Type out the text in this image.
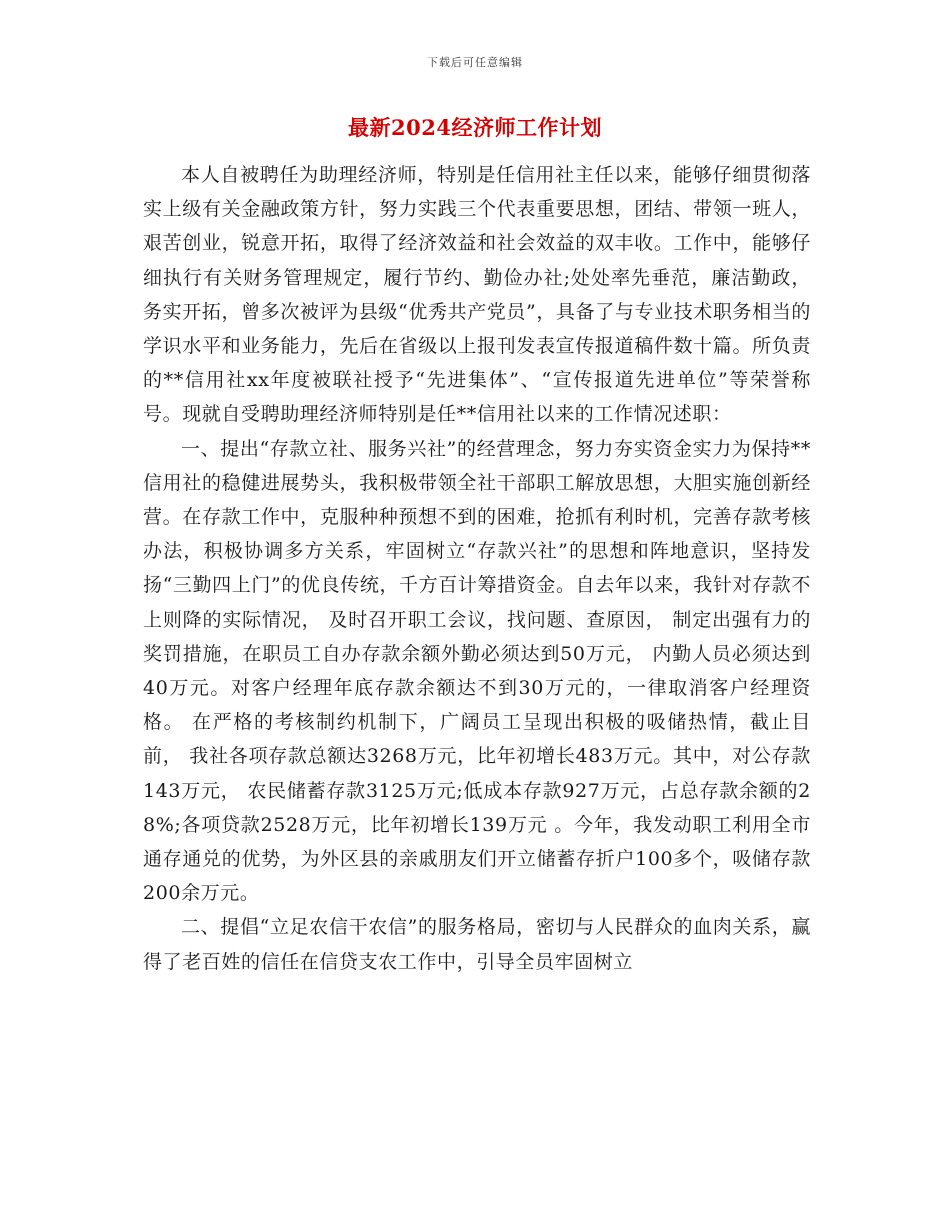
下载后可任意编辑
最新2024经济师工作计划

本人自被聘任为助理经济师，特别是任信用社主任以来，能够仔细贯彻落实上级有关金融政策方针，努力实践三个代表重要思想，团结、带领一班人，艰苦创业，锐意开拓，取得了经济效益和社会效益的双丰收。工作中，能够仔细执行有关财务管理规定，履行节约、勤俭办社;处处率先垂范，廉洁勤政，务实开拓，曾多次被评为县级“优秀共产党员”，具备了与专业技术职务相当的学识水平和业务能力，先后在省级以上报刊发表宣传报道稿件数十篇。所负责的**信用社xx年度被联社授予“先进集体”、“宣传报道先进单位”等荣誉称号。现就自受聘助理经济师特别是任**信用社以来的工作情况述职：

一、提出“存款立社、服务兴社”的经营理念，努力夯实资金实力为保持**信用社的稳健进展势头，我积极带领全社干部职工解放思想，大胆实施创新经营。在存款工作中，克服种种预想不到的困难，抢抓有利时机，完善存款考核办法，积极协调多方关系，牢固树立“存款兴社”的思想和阵地意识，坚持发扬“三勤四上门”的优良传统，千方百计筹措资金。自去年以来，我针对存款不上则降的实际情况， 及时召开职工会议，找问题、查原因， 制定出强有力的奖罚措施，在职员工自办存款余额外勤必须达到50万元， 内勤人员必须达到40万元。对客户经理年底存款余额达不到30万元的，一律取消客户经理资格。 在严格的考核制约机制下，广阔员工呈现出积极的吸储热情，截止目前， 我社各项存款总额达3268万元，比年初增长483万元。其中，对公存款143万元， 农民储蓄存款3125万元;低成本存款927万元，占总存款余额的28%;各项贷款2528万元，比年初增长139万元 。今年，我发动职工利用全市通存通兑的优势，为外区县的亲戚朋友们开立储蓄存折户100多个，吸储存款200余万元。

二、提倡“立足农信干农信”的服务格局，密切与人民群众的血肉关系，赢得了老百姓的信任在信贷支农工作中，引导全员牢固树立
